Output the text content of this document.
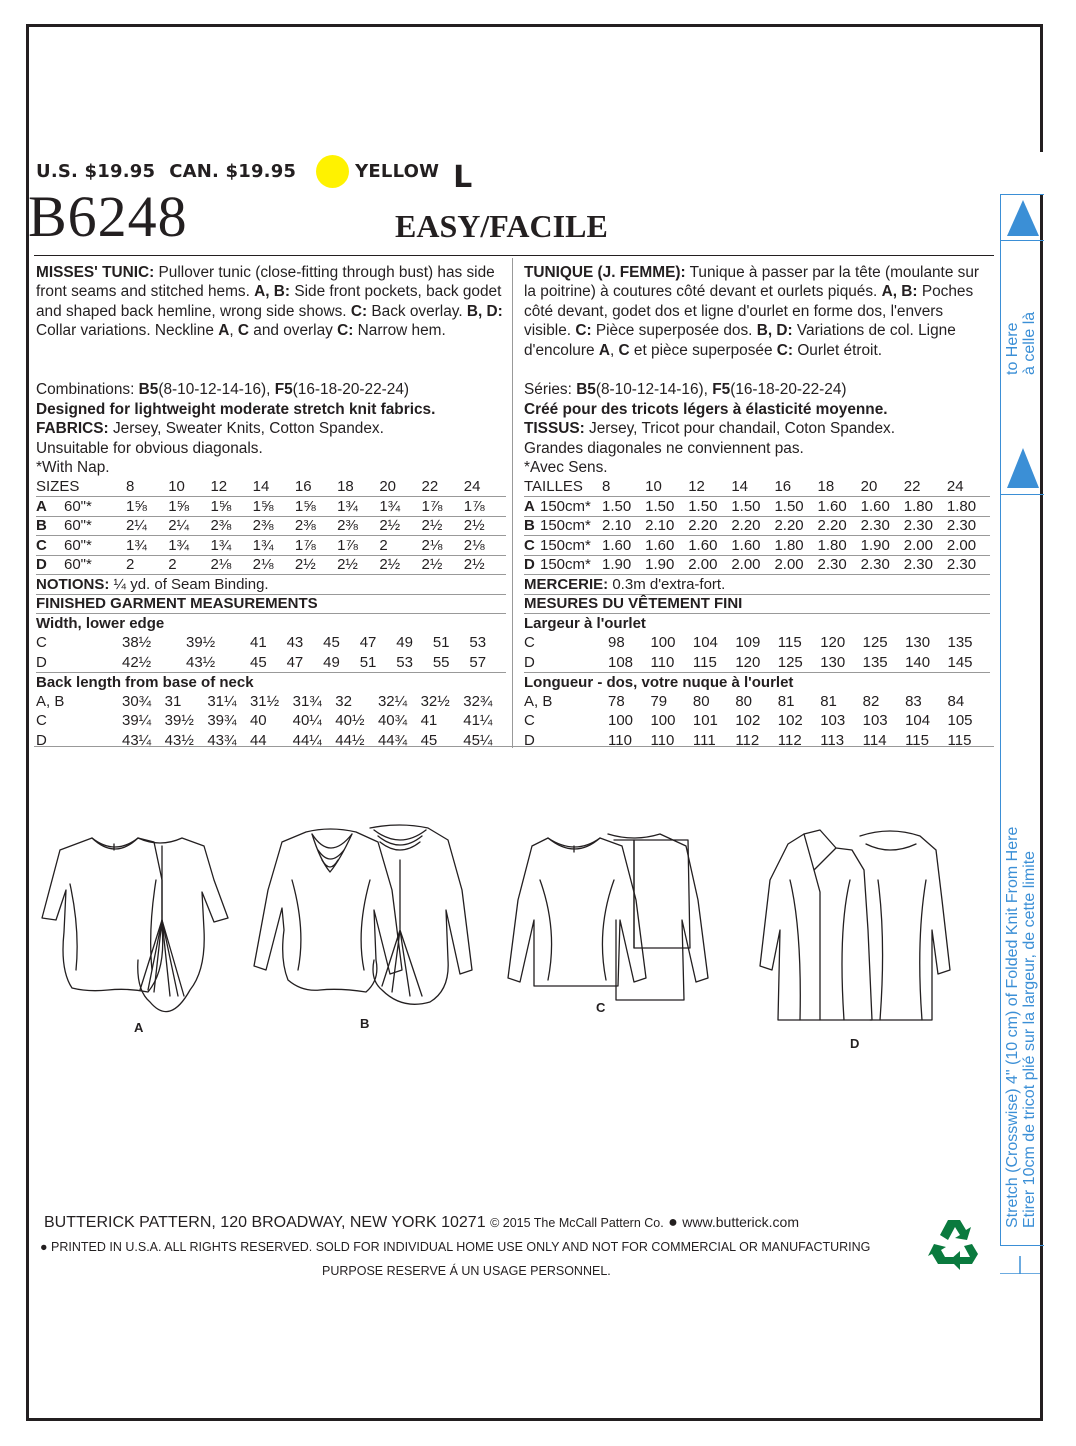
U.S. $19.95 CAN. $19.95	YELLOW L
B6248	EASY/FACILE
MISSES' TUNIC: Pullover tunic (close-fitting through bust) has side front seams and stitched hems. A, B: Side front pockets, back godet and shaped back hemline, wrong side shows. C: Back overlay. B, D: Collar variations. Neckline A, C and overlay C: Narrow hem.
TUNIQUE (J. FEMME): Tunique à passer par la tête (moulante sur la poitrine) à coutures côté devant et ourlets piqués. A, B: Poches côté devant, godet dos et ligne d'ourlet en forme dos, l'envers visible. C: Pièce superposée dos. B, D: Variations de col. Ligne d'encolure A, C et pièce superposée C: Ourlet étroit.
Combinations: B5(8-10-12-14-16), F5(16-18-20-22-24)
Designed for lightweight moderate stretch knit fabrics.
FABRICS: Jersey, Sweater Knits, Cotton Spandex.
Unsuitable for obvious diagonals.
*With Nap.
Séries: B5(8-10-12-14-16), F5(16-18-20-22-24)
Créé pour des tricots légers à élasticité moyenne.
TISSUS: Jersey, Tricot pour chandail, Coton Spandex.
Grandes diagonales ne conviennent pas.
*Avec Sens.
SIZES		8	10	12	14	16	18	20	22	24
A	60"*	1⅝	1⅝	1⅝	1⅝	1⅝	1¾	1¾	1⅞	1⅞
B	60"*	2¼	2¼	2⅜	2⅜	2⅜	2⅜	2½	2½	2½
C	60"*	1¾	1¾	1¾	1¾	1⅞	1⅞	2	2⅛	2⅛
D	60"*	2	2	2⅛	2⅛	2½	2½	2½	2½	2½
NOTIONS: ¼ yd. of Seam Binding.										
TAILLES		8	10	12	14	16	18	20	22	24
A	150cm*	1.50	1.50	1.50	1.50	1.50	1.60	1.60	1.80	1.80
B	150cm*	2.10	2.10	2.20	2.20	2.20	2.20	2.30	2.30	2.30
C	150cm*	1.60	1.60	1.60	1.60	1.80	1.80	1.90	2.00	2.00
D	150cm*	1.90	1.90	2.00	2.00	2.00	2.30	2.30	2.30	2.30
MERCERIE: 0.3m d'extra-fort.										
FINISHED GARMENT MEASUREMENTS
Width, lower edge
C	38½	39½	41	43	45	47	49	51	53
D	42½	43½	45	47	49	51	53	55	57
Back length from base of neck
A, B	30¾	31	31¼	31½	31¾	32	32¼	32½	32¾
C	39¼	39½	39¾	40	40¼	40½	40¾	41	41¼
D	43¼	43½	43¾	44	44¼	44½	44¾	45	45¼
MESURES DU VÊTEMENT FINI
Largeur à l'ourlet
C	98	100	104	109	115	120	125	130	135
D	108	110	115	120	125	130	135	140	145
Longueur - dos, votre nuque à l'ourlet
A, B	78	79	80	80	81	81	82	83	84
C	100	100	101	102	102	103	103	104	105
D	110	110	111	112	112	113	114	115	115
A	B
C
D
BUTTERICK PATTERN, 120 BROADWAY, NEW YORK 10271 © 2015 The McCall Pattern Co. ● www.butterick.com
● PRINTED IN U.S.A. ALL RIGHTS RESERVED. SOLD FOR INDIVIDUAL HOME USE ONLY AND NOT FOR COMMERCIAL OR MANUFACTURING
PURPOSE RESERVE Á UN USAGE PERSONNEL.
to Here à celle là
Stretch (Crosswise) 4" (10 cm) of Folded Knit From Here Etirer 10cm de tricot plié sur la largeur, de cette limite
